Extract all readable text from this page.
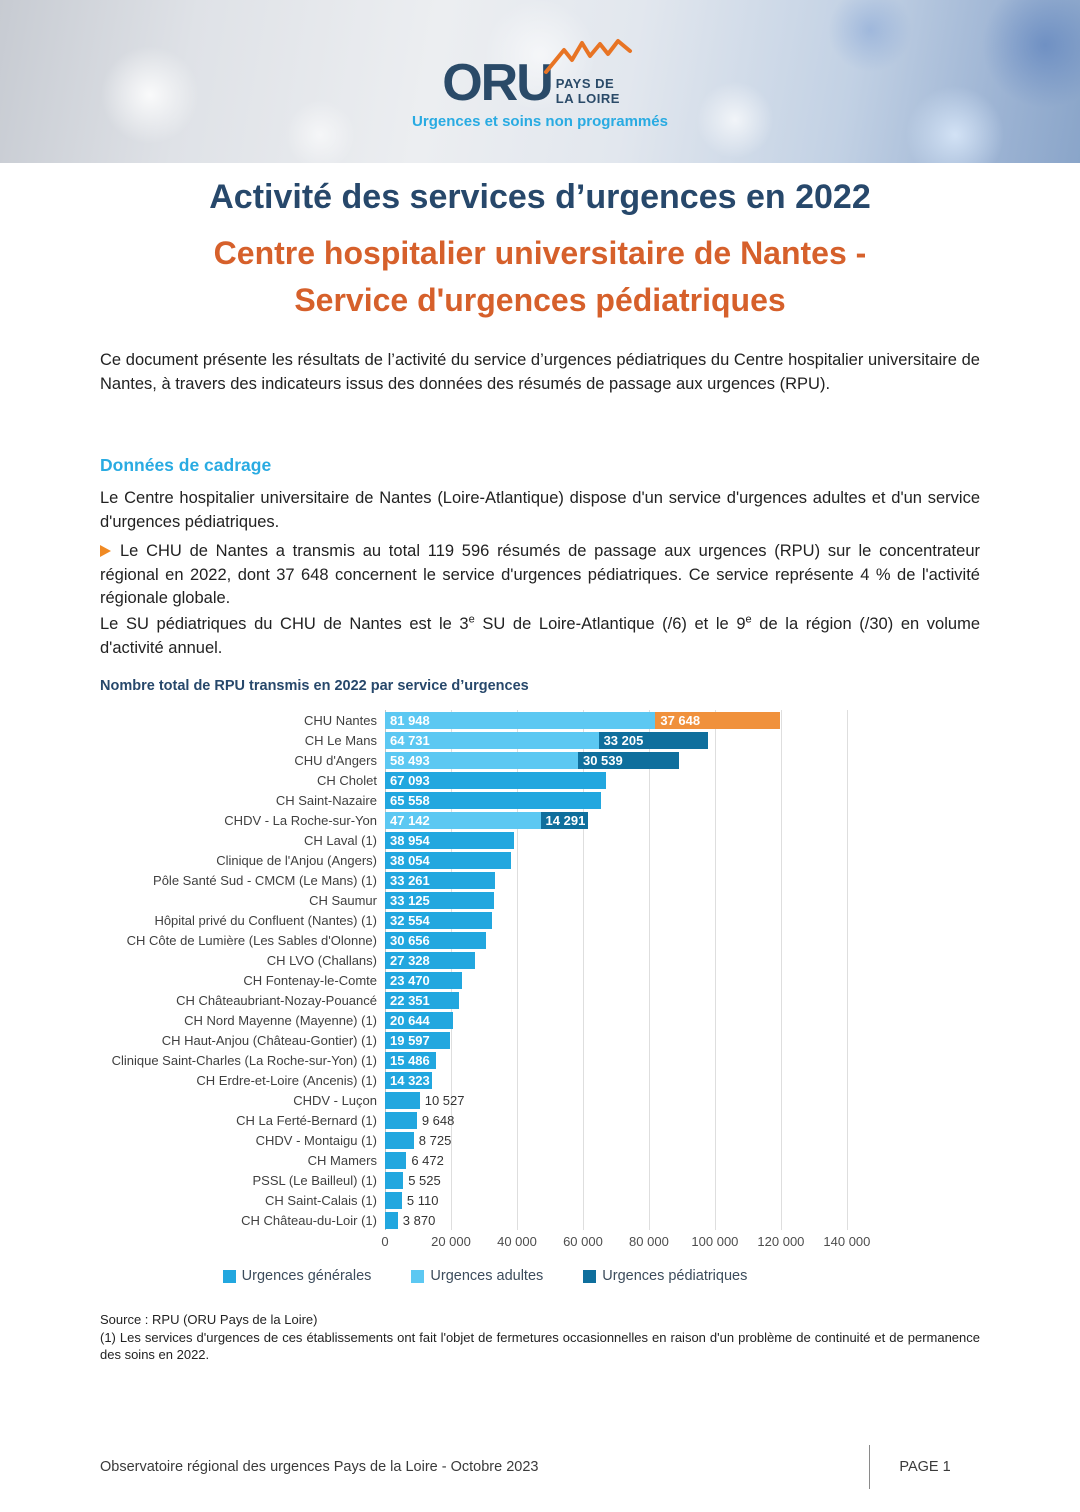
ORU PAYS DE
LA LOIRE
Urgences et soins non programmés
Activité des services d’urgences en 2022
Centre hospitalier universitaire de Nantes -
Service d'urgences pédiatriques
Ce document présente les résultats de l’activité du service d’urgences pédiatriques du Centre hospitalier universitaire de Nantes, à travers des indicateurs issus des données des résumés de passage aux urgences (RPU).
Données de cadrage
Le Centre hospitalier universitaire de Nantes (Loire-Atlantique) dispose d'un service d'urgences adultes et d'un service d'urgences pédiatriques.
Le CHU de Nantes a transmis au total 119 596 résumés de passage aux urgences (RPU) sur le concentrateur régional en 2022, dont 37 648 concernent le service d'urgences pédiatriques. Ce service représente 4 % de l'activité régionale globale.
Le SU pédiatriques du CHU de Nantes est le 3e SU de Loire-Atlantique (/6) et le 9e de la région (/30) en volume d'activité annuel.
Nombre total de RPU transmis en 2022 par service d’urgences
CHU Nantes	81 948	37 648
CH Le Mans	64 731	33 205
CHU d'Angers	58 493	30 539
CH Cholet	67 093
CH Saint-Nazaire	65 558
CHDV - La Roche-sur-Yon	47 142	14 291
CH Laval (1)	38 954
Clinique de l'Anjou (Angers)	38 054
Pôle Santé Sud - CMCM (Le Mans) (1)	33 261
CH Saumur	33 125
Hôpital privé du Confluent (Nantes) (1)	32 554
CH Côte de Lumière (Les Sables d'Olonne)	30 656
CH LVO (Challans)	27 328
CH Fontenay-le-Comte	23 470
CH Châteaubriant-Nozay-Pouancé	22 351
CH Nord Mayenne (Mayenne) (1)	20 644
CH Haut-Anjou (Château-Gontier) (1)	19 597
Clinique Saint-Charles (La Roche-sur-Yon) (1)	15 486
CH Erdre-et-Loire (Ancenis) (1)	14 323
CHDV - Luçon	10 527
CH La Ferté-Bernard (1)	9 648
CHDV - Montaigu (1)	8 725
CH Mamers	6 472
PSSL (Le Bailleul) (1)	5 525
CH Saint-Calais (1)	5 110
CH Château-du-Loir (1)	3 870
0	20 000 40 000 60 000 80 000 100 000 120 000 140 000
Urgences générales	Urgences adultes	Urgences pédiatriques
Source : RPU (ORU Pays de la Loire)
(1) Les services d'urgences de ces établissements ont fait l'objet de fermetures occasionnelles en raison d'un problème de continuité et de permanence des soins en 2022.
Observatoire régional des urgences Pays de la Loire - Octobre 2023	PAGE 1
